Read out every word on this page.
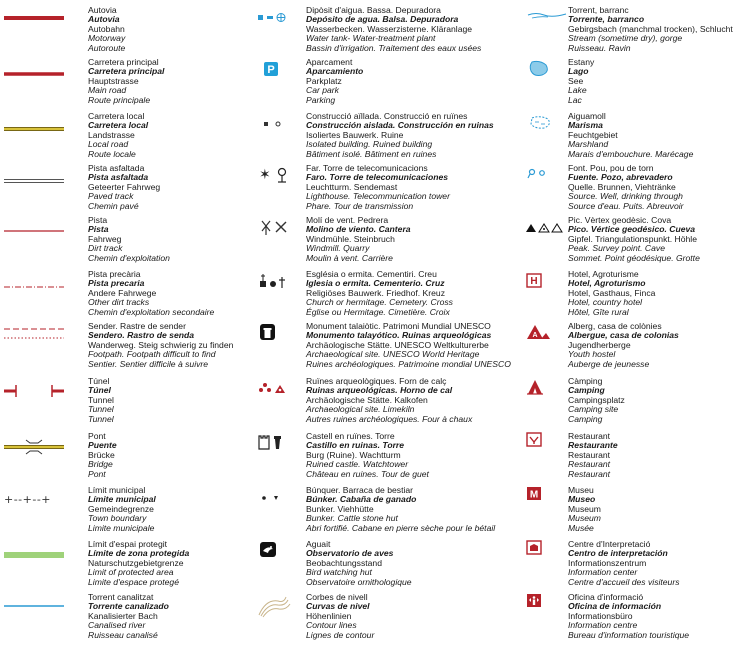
Autovia
Autovia
Autobahn
Motorway
Autoroute
Carretera principal
Carretera principal
Hauptstrasse
Main road
Route principale
Carretera local
Carretera local
Landstrasse
Local road
Route locale
Pista asfaltada
Pista asfaltada
Geteerter Fahrweg
Paved track
Chemin pavé
Pista
Pista
Fahrweg
Dirt track
Chemin d'exploitation
Pista precària
Pista precaria
Andere Fahrwege
Other dirt tracks
Chemin d'exploitation secondaire
Sender. Rastre de sender
Sendero. Rastro de senda
Wanderweg. Steig schwierig zu finden
Footpath. Footpath difficult to find
Sentier. Sentier difficile à suivre
Túnel
Túnel
Tunnel
Tunnel
Tunnel
Pont
Puente
Brücke
Bridge
Pont
+--+--+
Límit municipal
Límite municipal
Gemeindegrenze
Town boundary
Limite municipale
Límit d'espai protegit
Límite de zona protegida
Naturschutzgebietgrenze
Limit of protected area
Limite d'espace protegé
Torrent canalitzat
Torrente canalizado
Kanalisierter Bach
Canalised river
Ruisseau canalisé
Dipòsit d'aigua. Bassa. Depuradora
Depósito de agua. Balsa. Depuradora
Wasserbecken. Wasserzisterne. Kläranlage
Water tank- Water-treatment plant
Bassin d'irrigation. Traitement des eaux usées
P
Aparcament
Aparcamiento
Parkplatz
Car park
Parking
Construcció aïllada. Construcció en ruïnes
Construcción aislada. Construcción en ruinas
Isoliertes Bauwerk. Ruine
Isolated building. Ruined building
Bâtiment isolé. Bâtiment en ruines
✶	Far. Torre de telecomunicacions
Faro. Torre de telecomunicaciones
Leuchtturm. Sendemast
Lighthouse. Telecommunication tower
Phare. Tour de transmission
Molí de vent. Pedrera
Molino de viento. Cantera
Windmühle. Steinbruch
Windmill. Quarry
Moulin à vent. Carrière
Església o ermita. Cementiri. Creu
Iglesia o ermita. Cementerio. Cruz
Religiöses Bauwerk. Friedhof. Kreuz
Church or hermitage. Cemetery. Cross
Église ou Hermitage. Cimetière. Croix
Monument talaiòtic. Patrimoni Mundial UNESCO
Monumento talayótico. Ruinas arqueológicas
Archäologische Stätte. UNESCO Weltkulturerbe
Archaeological site. UNESCO World Heritage
Ruines archéologiques. Patrimoine mondial UNESCO
Ruïnes arqueològiques. Forn de calç
Ruinas arqueológicas. Horno de cal
Archäologische Stätte. Kalkofen
Archaeological site. Limekiln
Autres ruines archéologiques. Four à chaux
Castell en ruïnes. Torre
Castillo en ruinas. Torre
Burg (Ruine). Wachtturm
Ruined castle. Watchtower
Château en ruines. Tour de guet
Búnquer. Barraca de bestiar
Búnker. Cabaña de ganado
Bunker. Viehhütte
Bunker. Cattle stone hut
Abri fortifié. Cabane en pierre sèche pour le bétail
Aguait
Observatorio de aves
Beobachtungsstand
Bird watching hut
Observatoire ornithologique
Corbes de nivell
Curvas de nivel
Höhenlinien
Contour lines
Lignes de contour
Torrent, barranc
Torrente, barranco
Gebirgsbach (manchmal trocken), Schlucht
Stream (sometime dry), gorge
Ruisseau. Ravin
Estany
Lago
See
Lake
Lac
Aiguamoll
Marisma
Feuchtgebiet
Marshland
Marais d'embouchure. Marécage
Font. Pou, pou de torn
Fuente. Pozo, abrevadero
Quelle. Brunnen, Viehtränke
Source. Well, drinking through
Source d'eau. Puits. Abreuvoir
Pic. Vèrtex geodèsic. Cova
Pico. Vértice geodésico. Cueva
Gipfel. Triangulationspunkt. Höhle
Peak. Survey point. Cave
Sommet. Point géodésique. Grotte
H
Hotel, Agroturisme
Hotel, Agroturismo
Hotel, Gasthaus, Finca
Hotel, country hotel
Hôtel, Gîte rural
A
Alberg, casa de colònies
Albergue, casa de colonias
Jugendherberge
Youth hostel
Auberge de jeunesse
Càmping
Camping
Campingsplatz
Camping site
Camping
Restaurant
Restaurante
Restaurant
Restaurant
Restaurant
M	Museu
Museo
Museum
Museum
Musée
Centre d'Interpretació
Centro de interpretación
Informationszentrum
Information center
Centre d'accueil des visiteurs
Oficina d'informació
Oficina de información
Informationsbüro
Information centre
Bureau d'information touristique
